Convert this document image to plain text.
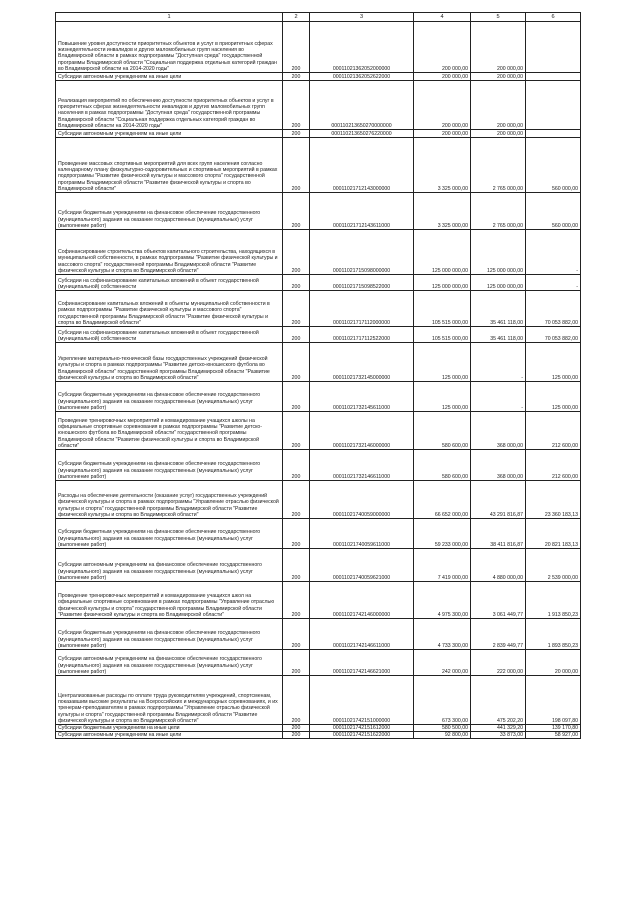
1	2	3	4	5	6
Повышение уровня доступности приоритетных объектов и услуг в приоритетных сферах жизнедеятельности инвалидов и других маломобильных групп населения во Владимирской области в рамках подпрограммы "Доступная среда" государственной программы Владимирской области "Социальная поддержка отдельных категорий граждан во Владимирской области на 2014-2020 годы"	200	00011021362052000000	200 000,00	200 000,00	
Субсидии автономным учреждениям на иные цели	200	00011021362052622000	200 000,00	200 000,00	
Реализация мероприятий по обеспечению доступности приоритетных объектов и услуг в приоритетных сферах жизнедеятельности инвалидов и других маломобильных групп населения в рамках подпрограммы "Доступная среда" государственной программы Владимирской области "Социальная поддержка отдельных категорий граждан во Владимирской области на 2014-2020 годы"	200	000110213650270000000	200 000,00	200 000,00	
Субсидии автономным учреждениям на иные цели	200	000110213650276220000	200 000,00	200 000,00	
Проведение массовых спортивных мероприятий для всех групп населения согласно календарному плану физкультурно-оздоровительных и спортивных мероприятий в рамках подпрограммы "Развитие физической культуры и массового спорта" государственной программы Владимирской области "Развитие физической культуры и спорта во Владимирской области"	200	00011021712143000000	3 325 000,00	2 765 000,00	560 000,00
Субсидии бюджетным учреждениям на финансовое обеспечение государственного (муниципального) задания на оказание государственных (муниципальных) услуг (выполнение работ)	200	00011021712143611000	3 325 000,00	2 765 000,00	560 000,00
Софинансирование строительства объектов капитального строительства, находящихся в муниципальной собственности, в рамках подпрограммы "Развитие физической культуры и массового спорта" государственной программы Владимирской области "Развитие физической культуры и спорта во Владимирской области"	200	00011021715098000000	125 000 000,00	125 000 000,00	-
Субсидии на софинансирование капитальных вложений в объект государственной (муниципальной) собственности	200	00011021715098522000	125 000 000,00	125 000 000,00	-
Софинансирование капитальных вложений в объекты муниципальной собственности в рамках подпрограммы "Развитие физической культуры и массового спорта" государственной программы Владимирской области "Развитие физической культуры и спорта во Владимирской области"	200	00011021717112000000	105 515 000,00	35 461 118,00	70 053 882,00
Субсидии на софинансирование капитальных вложений в объект государственной (муниципальной) собственности	200	00011021717112522000	105 515 000,00	35 461 118,00	70 053 882,00
Укрепление материально-технической базы государственных учреждений физической культуры и спорта в рамках подпрограммы "Развитие детско-юношеского футбола во Владимирской области" государственной программы Владимирской области "Развитие физической культуры и спорта во Владимирской области"	200	00011021732145000000	125 000,00	-	125 000,00
Субсидии бюджетным учреждениям на финансовое обеспечение государственного (муниципального) задания на оказание государственных (муниципальных) услуг (выполнение работ)	200	00011021732145611000	125 000,00	-	125 000,00
Проведение тренировочных мероприятий и командирование учащихся школы на официальные спортивные соревнования в рамках подпрограммы "Развитие детско-юношеского футбола во Владимирской области" государственной программы Владимирской области "Развитие физической культуры и спорта во Владимирской области"	200	00011021732146000000	580 600,00	368 000,00	212 600,00
Субсидии бюджетным учреждениям на финансовое обеспечение государственного (муниципального) задания на оказание государственных (муниципальных) услуг (выполнение работ)	200	00011021732146611000	580 600,00	368 000,00	212 600,00
Расходы на обеспечение деятельности (оказание услуг) государственных учреждений физической культуры и спорта в рамках подпрограммы "Управление отраслью физической культуры и спорта" государственной программы Владимирской области "Развитие физической культуры и спорта во Владимирской области"	200	00011021740059000000	66 652 000,00	43 291 816,87	23 360 183,13
Субсидии бюджетным учреждениям на финансовое обеспечение государственного (муниципального) задания на оказание государственных (муниципальных) услуг (выполнение работ)	200	00011021740059611000	59 233 000,00	38 411 816,87	20 821 183,13
Субсидии автономным учреждениям на финансовое обеспечение государственного (муниципального) задания на оказание государственных (муниципальных) услуг (выполнение работ)	200	00011021740059621000	7 419 000,00	4 880 000,00	2 539 000,00
Проведение тренировочных мероприятий и командирование учащихся школ на официальные спортивные соревнования в рамках подпрограммы "Управление отраслью физической культуры и спорта" государственной программы Владимирской области "Развитие физической культуры и спорта во Владимирской области"	200	00011021742146000000	4 975 300,00	3 061 449,77	1 913 850,23
Субсидии бюджетным учреждениям на финансовое обеспечение государственного (муниципального) задания на оказание государственных (муниципальных) услуг (выполнение работ)	200	00011021742146611000	4 733 300,00	2 839 449,77	1 893 850,23
Субсидии автономным учреждениям на финансовое обеспечение государственного (муниципального) задания на оказание государственных (муниципальных) услуг (выполнение работ)	200	00011021742146621000	242 000,00	222 000,00	20 000,00
Централизованные расходы по оплате труда руководителям учреждений, спортсменам, показавшим высокие результаты на Всероссийских и международных соревнованиях, и их тренерам-преподавателям в рамках подпрограммы "Управление отраслью физической культуры и спорта" государственной программы Владимирской области "Развитие физической культуры и спорта во Владимирской области"	200	00011021742151000000	673 300,00	475 202,20	198 097,80
Субсидии бюджетным учреждениям на иные цели	200	00011021742151612000	580 500,00	441 329,20	139 170,80
Субсидии автономным учреждениям на иные цели	200	00011021742151622000	92 800,00	33 873,00	58 927,00
